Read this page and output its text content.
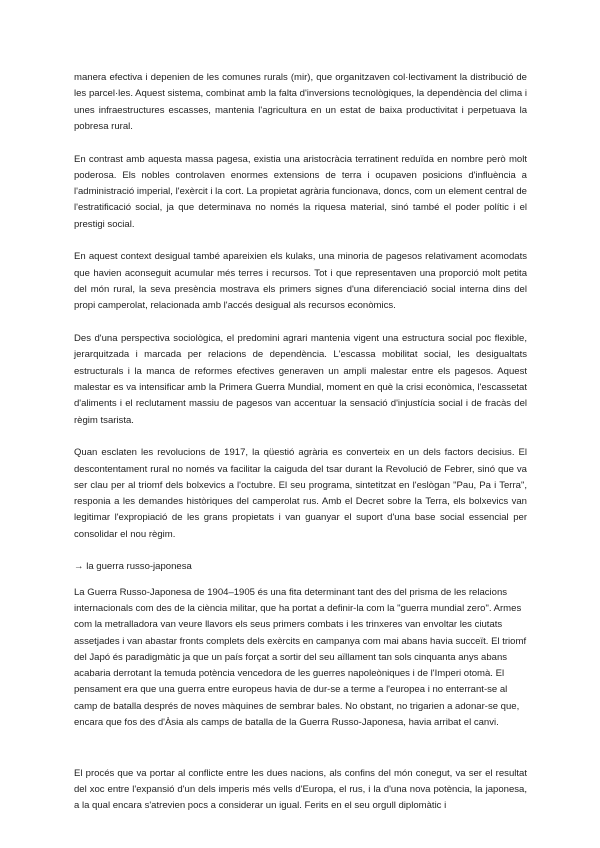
manera efectiva i depenien de les comunes rurals (mir), que organitzaven col·lectivament la distribució de les parcel·les. Aquest sistema, combinat amb la falta d'inversions tecnològiques, la dependència del clima i unes infraestructures escasses, mantenia l'agricultura en un estat de baixa productivitat i perpetuava la pobresa rural.

En contrast amb aquesta massa pagesa, existia una aristocràcia terratinent reduïda en nombre però molt poderosa. Els nobles controlaven enormes extensions de terra i ocupaven posicions d'influència a l'administració imperial, l'exèrcit i la cort. La propietat agrària funcionava, doncs, com un element central de l'estratificació social, ja que determinava no només la riquesa material, sinó també el poder polític i el prestigi social.

En aquest context desigual també apareixien els kulaks, una minoria de pagesos relativament acomodats que havien aconseguit acumular més terres i recursos. Tot i que representaven una proporció molt petita del món rural, la seva presència mostrava els primers signes d'una diferenciació social interna dins del propi camperolat, relacionada amb l'accés desigual als recursos econòmics.

Des d'una perspectiva sociològica, el predomini agrari mantenia vigent una estructura social poc flexible, jerarquitzada i marcada per relacions de dependència. L'escassa mobilitat social, les desigualtats estructurals i la manca de reformes efectives generaven un ampli malestar entre els pagesos. Aquest malestar es va intensificar amb la Primera Guerra Mundial, moment en què la crisi econòmica, l'escassetat d'aliments i el reclutament massiu de pagesos van accentuar la sensació d'injustícia social i de fracàs del règim tsarista.

Quan esclaten les revolucions de 1917, la qüestió agrària es converteix en un dels factors decisius. El descontentament rural no només va facilitar la caiguda del tsar durant la Revolució de Febrer, sinó que va ser clau per al triomf dels bolxevics a l'octubre. El seu programa, sintetitzat en l'eslògan "Pau, Pa i Terra", responia a les demandes històriques del camperolat rus. Amb el Decret sobre la Terra, els bolxevics van legitimar l'expropiació de les grans propietats i van guanyar el suport d'una base social essencial per consolidar el nou règim.

→ la guerra russo-japonesa

La Guerra Russo-Japonesa de 1904–1905 és una fita determinant tant des del prisma de les relacions internacionals com des de la ciència militar, que ha portat a definir-la com la "guerra mundial zero". Armes com la metralladora van veure llavors els seus primers combats i les trinxeres van envoltar les ciutats assetjades i van abastar fronts complets dels exèrcits en campanya com mai abans havia succeït. El triomf del Japó és paradigmàtic ja que un país forçat a sortir del seu aïllament tan sols cinquanta anys abans acabaria derrotant la temuda potència vencedora de les guerres napoleòniques i de l'Imperi otomà. El pensament era que una guerra entre europeus havia de dur-se a terme a l'europea i no enterrant-se al camp de batalla després de noves màquines de sembrar bales. No obstant, no trigarien a adonar-se que, encara que fos des d'Àsia als camps de batalla de la Guerra Russo-Japonesa, havia arribat el canvi.

El procés que va portar al conflicte entre les dues nacions, als confins del món conegut, va ser el resultat del xoc entre l'expansió d'un dels imperis més vells d'Europa, el rus, i la d'una nova potència, la japonesa, a la qual encara s'atrevien pocs a considerar un igual. Ferits en el seu orgull diplomàtic i
